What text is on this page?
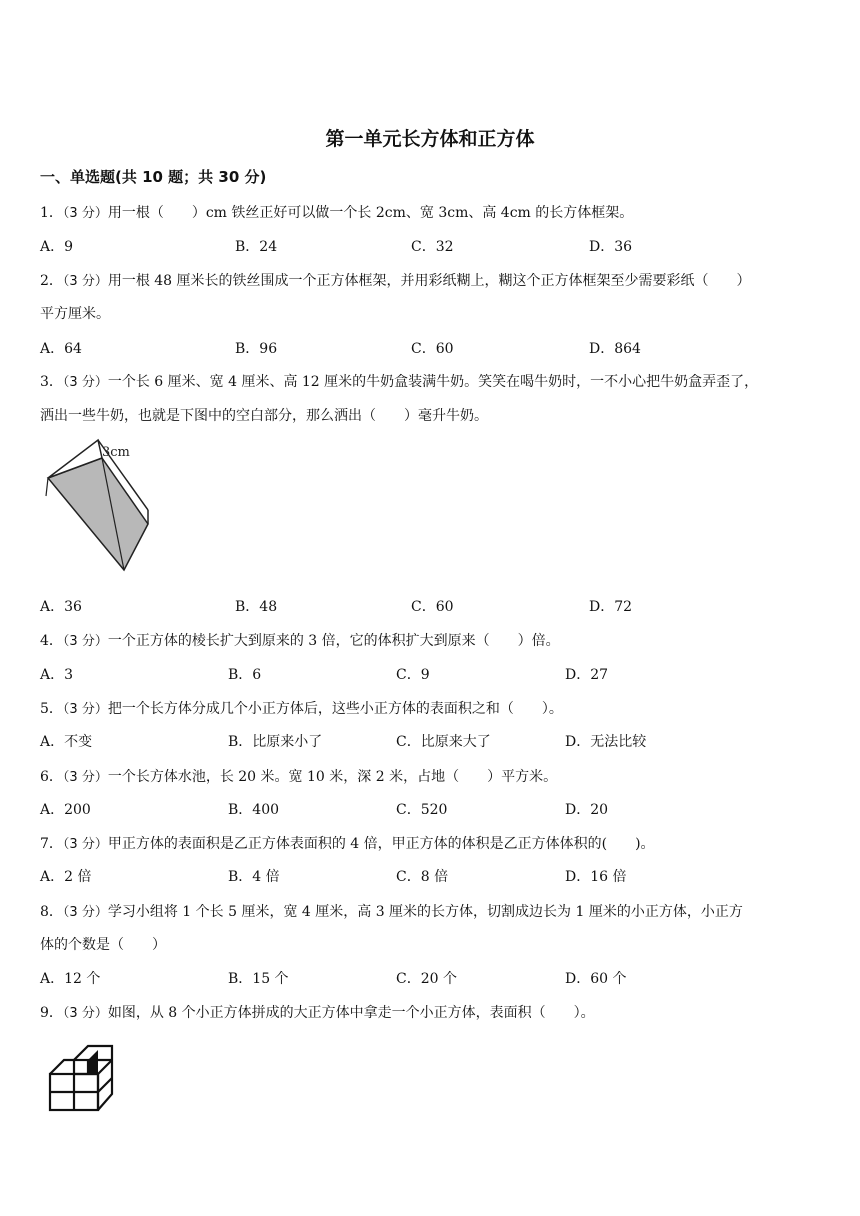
第一单元长方体和正方体
一、单选题(共 10 题；共 30 分)
1．（3 分）用一根（　　）cm 铁丝正好可以做一个长 2cm、宽 3cm、高 4cm 的长方体框架。
A．9	B．24	C．32	D．36
2．（3 分）用一根 48 厘米长的铁丝围成一个正方体框架，并用彩纸糊上，糊这个正方体框架至少需要彩纸（　　）
平方厘米。
A．64	B．96	C．60	D．864
3．（3 分）一个长 6 厘米、宽 4 厘米、高 12 厘米的牛奶盒装满牛奶。笑笑在喝牛奶时，一不小心把牛奶盒弄歪了，
洒出一些牛奶，也就是下图中的空白部分，那么洒出（　　）毫升牛奶。
3cm
A．36	B．48	C．60	D．72
4．（3 分）一个正方体的棱长扩大到原来的 3 倍，它的体积扩大到原来（　　）倍。
A．3	B．6	C．9	D．27
5．（3 分）把一个长方体分成几个小正方体后，这些小正方体的表面积之和（　　）。
A．不变	B．比原来小了	C．比原来大了	D．无法比较
6．（3 分）一个长方体水池，长 20 米。宽 10 米，深 2 米，占地（　　）平方米。
A．200	B．400	C．520	D．20
7．（3 分）甲正方体的表面积是乙正方体表面积的 4 倍，甲正方体的体积是乙正方体体积的(　　)。
A．2 倍	B．4 倍	C．8 倍	D．16 倍
8．（3 分）学习小组将 1 个长 5 厘米，宽 4 厘米，高 3 厘米的长方体，切割成边长为 1 厘米的小正方体，小正方
体的个数是（　　）
A．12 个	B．15 个	C．20 个	D．60 个
9．（3 分）如图，从 8 个小正方体拼成的大正方体中拿走一个小正方体，表面积（　　）。
